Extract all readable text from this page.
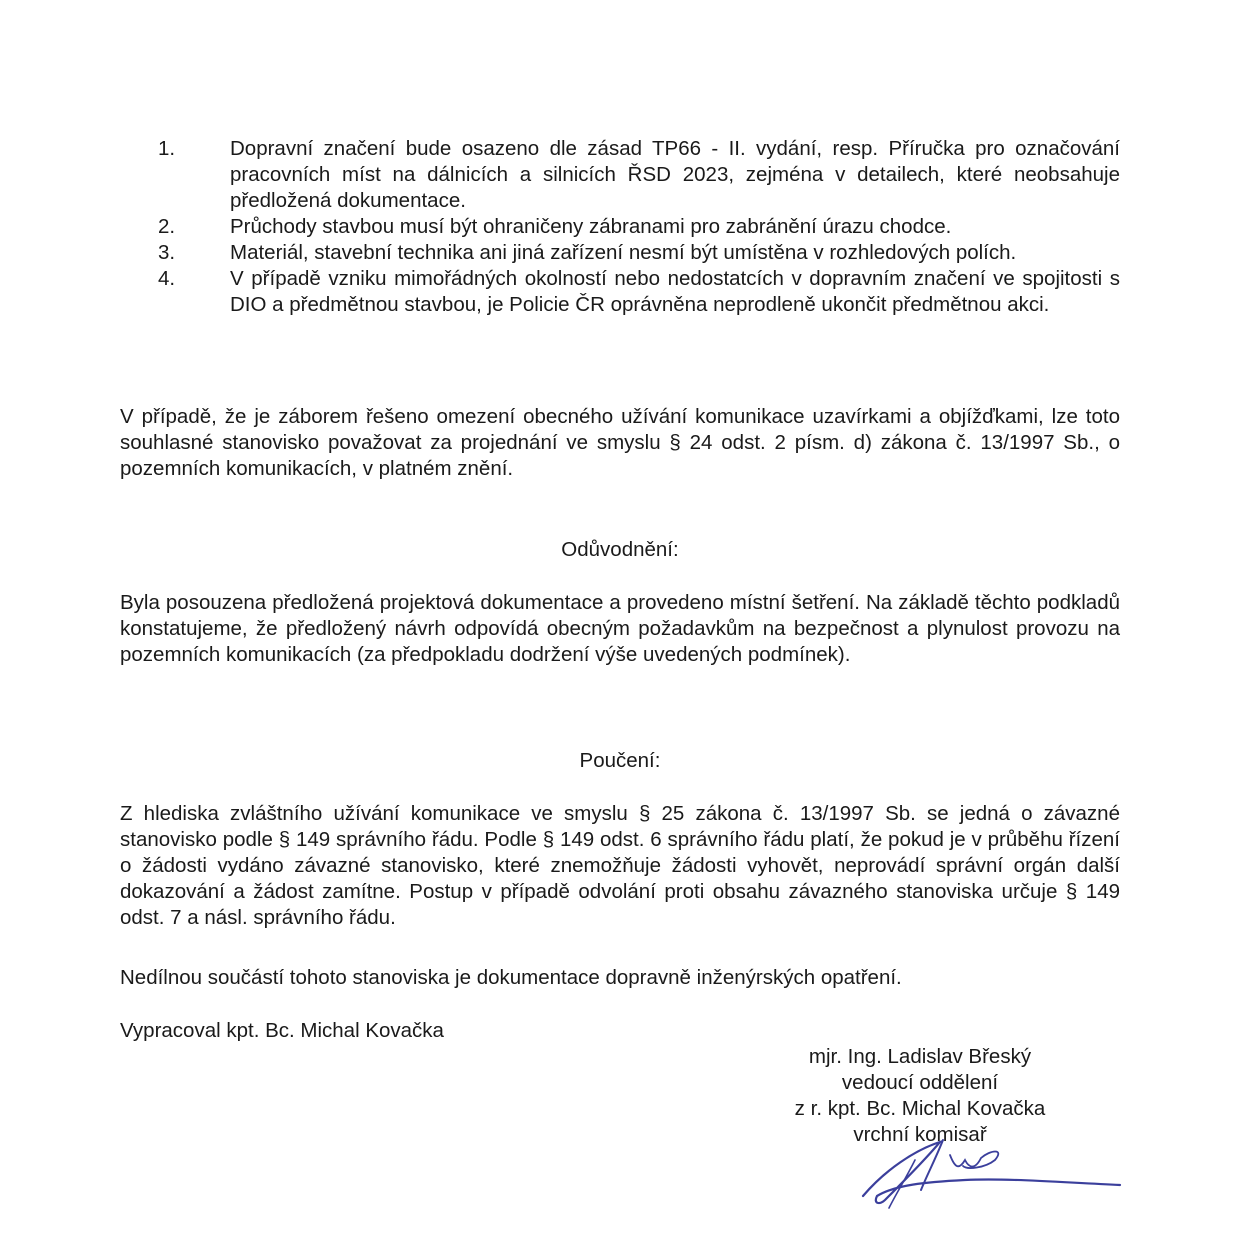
1.	Dopravní značení bude osazeno dle zásad TP66 - II. vydání, resp. Příručka pro označování pracovních míst na dálnicích a silnicích ŘSD 2023, zejména v detailech, které neobsahuje předložená dokumentace.
2.	Průchody stavbou musí být ohraničeny zábranami pro zabránění úrazu chodce.
3.	Materiál, stavební technika ani jiná zařízení nesmí být umístěna v rozhledových polích.
4.	V případě vzniku mimořádných okolností nebo nedostatcích v dopravním značení ve spojitosti s DIO a předmětnou stavbou, je Policie ČR oprávněna neprodleně ukončit předmětnou akci.

V případě, že je záborem řešeno omezení obecného užívání komunikace uzavírkami a objížďkami, lze toto souhlasné stanovisko považovat za projednání ve smyslu § 24 odst. 2 písm. d) zákona č. 13/1997 Sb., o pozemních komunikacích, v platném znění.

Odůvodnění:

Byla posouzena předložená projektová dokumentace a provedeno místní šetření. Na základě těchto podkladů konstatujeme, že předložený návrh odpovídá obecným požadavkům na bezpečnost a plynulost provozu na pozemních komunikacích (za předpokladu dodržení výše uvedených podmínek).

Poučení:

Z hlediska zvláštního užívání komunikace ve smyslu § 25 zákona č. 13/1997 Sb. se jedná o závazné stanovisko podle § 149 správního řádu. Podle § 149 odst. 6 správního řádu platí, že pokud je v průběhu řízení o žádosti vydáno závazné stanovisko, které znemožňuje žádosti vyhovět, neprovádí správní orgán další dokazování a žádost zamítne. Postup v případě odvolání proti obsahu závazného stanoviska určuje § 149 odst. 7 a násl. správního řádu.

Nedílnou součástí tohoto stanoviska je dokumentace dopravně inženýrských opatření.

Vypracoval kpt. Bc. Michal Kovačka

mjr. Ing. Ladislav Břeský
vedoucí oddělení
z r. kpt. Bc. Michal Kovačka
vrchní komisař
